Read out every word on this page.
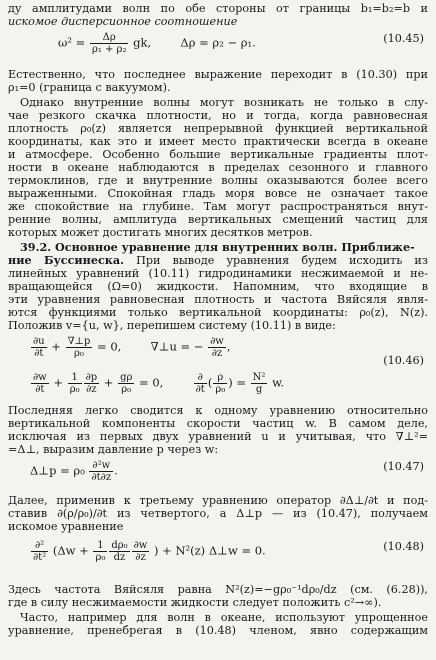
ду амплитудами волн по обе стороны от границы b₁=b₂=b и
искомое дисперсионное соотношение
$\omega^2 = \frac{\Delta\rho}{\text{ρ₁ + ρ₂}}$ gk,	Δρ = ρ₂ − ρ₁.	(10.45)
Естественно, что последнее выражение переходит в (10.30) при
ρ₁=0 (граница с вакуумом).
Однако внутренние волны могут возникать не только в слу-
чае резкого скачка плотности, но и тогда, когда равновесная
плотность ρ₀(z) является непрерывной функцией вертикальной
координаты, как это и имеет место практически всегда в океане
и атмосфере. Особенно большие вертикальные градиенты плот-
ности в океане наблюдаются в пределах сезонного и главного
термоклинов, где и внутренние волны оказываются более всего
выраженными. Спокойная гладь моря вовсе не означает такое
же спокойствие на глубине. Там могут распространяться внут-
ренние волны, амплитуда вертикальных смещений частиц для
которых может достигать многих десятков метров.
39.2. Основное уравнение для внутренних волн. Приближе-
ние Буссинеска. При выводе уравнения будем исходить из
линейных уравнений (10.11) гидродинамики несжимаемой и не-
вращающейся (Ω=0) жидкости. Напомним, что входящие в
эти уравнения равновесная плотность и частота Вяйсяля явля-
ются функциями только вертикальной координаты: ρ₀(z), N(z).
Положив v={u, w}, перепишем систему (10.11) в виде:
$\frac{\partial u}{\partial t} + \frac{\nabla\perp p}{\text{ρ₀}} = 0$,	∇⊥u = − $\frac{\partial w}{\partial z}$ ,
(10.46)
$\frac{\partial w}{\partial t} + \frac{1}{\text{ρ₀}} \frac{\partial p}{\partial z} + \frac{g\rho}{\text{ρ₀}} = 0$,	$\frac{\partial}{\partial t}$ ( $\frac{\rho}{\text{ρ₀}}$ ) = $\frac{\text{N²}}{g} w$.
Последняя легко сводится к одному уравнению относительно
вертикальной компоненты скорости частиц w. В самом деле,
исключая из первых двух уравнений u и учитывая, что ∇⊥²=
=Δ⊥, выразим давление p через w:
Δ⊥p = $\rho_0 \frac{\text{∂²w}}{\partial t\partial z}$ .	(10.47)
Далее, применив к третьему уравнению оператор ∂Δ⊥/∂t и под-
ставив ∂(ρ/ρ₀)/∂t из четвертого, а Δ⊥p — из (10.47), получаем
искомое уравнение
$\frac{\text{∂²}}{\text{∂t²}} (\Delta w + \frac{1}{\text{ρ₀}} \frac{\text{dρ₀}}{dz} \frac{\partial w}{\partial z}$ ) + N²(z) Δ⊥w = 0.	(10.48)
Здесь частота Вяйсяля равна N²(z)=−gρ₀⁻¹dρ₀/dz (см. (6.28)),
где в силу несжимаемости жидкости следует положить c²→∞).
Часто, например для волн в океане, используют упрощенное
уравнение, пренебрегая в (10.48) членом, явно содержащим
